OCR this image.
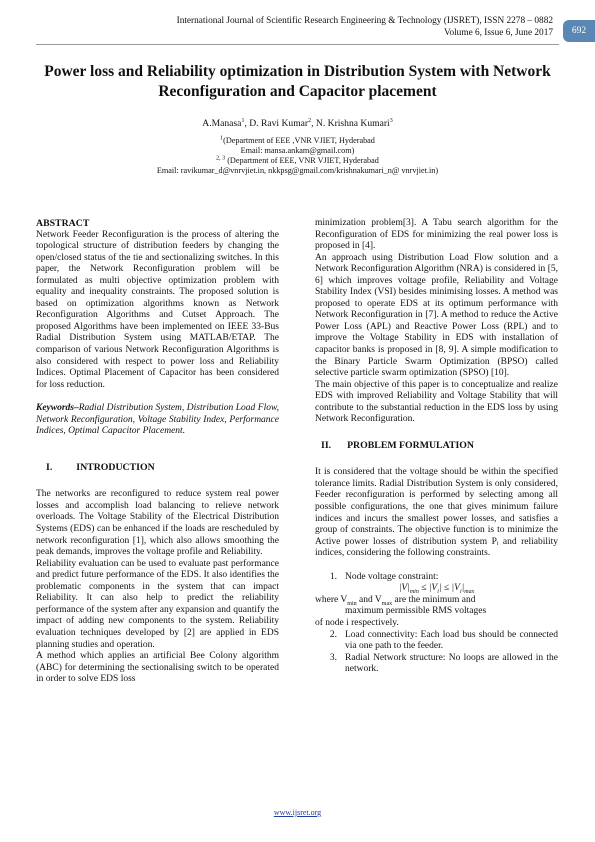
International Journal of Scientific Research Engineering & Technology (IJSRET), ISSN 2278 – 0882
Volume 6, Issue 6, June 2017	692
Power loss and Reliability optimization in Distribution System with Network
Reconfiguration and Capacitor placement
A.Manasa$^1$, D. Ravi Kumar$^2$, N. Krishna Kumari$^3$
$^1$(Department of EEE ,VNR VJIET, Hyderabad
Email: mansa.ankam@gmail.com)
$^{2, 3}$ (Department of EEE, VNR VJIET, Hyderabad
Email: ravikumar_d@vnrvjiet.in, nkkpsg@gmail.com/krishnakumari_n@ vnrvjiet.in)
ABSTRACT

Network Feeder Reconfiguration is the process of altering the topological structure of distribution feeders by changing the open/closed status of the tie and sectionalizing switches. In this paper, the Network Reconfiguration problem will be formulated as multi objective optimization problem with equality and inequality constraints. The proposed solution is based on optimization algorithms known as Network Reconfiguration Algorithms and Cutset Approach. The proposed Algorithms have been implemented on IEEE 33-Bus Radial Distribution System using MATLAB/ETAP. The comparison of various Network Reconfiguration Algorithms is also considered with respect to power loss and Reliability Indices. Optimal Placement of Capacitor has been considered for loss reduction.

Keywords–Radial Distribution System, Distribution Load Flow, Network Reconfiguration, Voltage Stability Index, Performance Indices, Optimal Capacitor Placement.

I. INTRODUCTION

The networks are reconfigured to reduce system real power losses and accomplish load balancing to relieve network overloads. The Voltage Stability of the Electrical Distribution Systems (EDS) can be enhanced if the loads are rescheduled by network reconfiguration [1], which also allows smoothing the peak demands, improves the voltage profile and Reliability.

Reliability evaluation can be used to evaluate past performance and predict future performance of the EDS. It also identifies the problematic components in the system that can impact Reliability. It can also help to predict the reliability performance of the system after any expansion and quantify the impact of adding new components to the system. Reliability evaluation techniques developed by [2] are applied in EDS planning studies and operation.

A method which applies an artificial Bee Colony algorithm (ABC) for determining the sectionalising switch to be operated in order to solve EDS loss

minimization problem[3]. A Tabu search algorithm for the Reconfiguration of EDS for minimizing the real power loss is proposed in [4].

An approach using Distribution Load Flow solution and a Network Reconfiguration Algorithm (NRA) is considered in [5, 6] which improves voltage profile, Reliability and Voltage Stability Index (VSI) besides minimising losses. A method was proposed to operate EDS at its optimum performance with Network Reconfiguration in [7]. A method to reduce the Active Power Loss (APL) and Reactive Power Loss (RPL) and to improve the Voltage Stability in EDS with installation of capacitor banks is proposed in [8, 9]. A simple modification to the Binary Particle Swarm Optimization (BPSO) called selective particle swarm optimization (SPSO) [10].

The main objective of this paper is to conceptualize and realize EDS with improved Reliability and Voltage Stability that will contribute to the substantial reduction in the EDS loss by using Network Reconfiguration.

II. PROBLEM FORMULATION

It is considered that the voltage should be within the specified tolerance limits. Radial Distribution System is only considered, Feeder reconfiguration is performed by selecting among all possible configurations, the one that gives minimum failure indices and incurs the smallest power losses, and satisfies a group of constraints. The objective function is to minimize the Active power losses of distribution system Pᵢ and reliability indices, considering the following constraints.

1. Node voltage constraint:
$|V|_{min} \le |V_i| \le |V_i|_{max}$
where $V_{min}$ and $V_{max}$ are the minimum and
maximum permissible RMS voltages
of node i respectively.
2. Load connectivity: Each load bus should be connected via one path to the feeder.
3. Radial Network structure: No loops are allowed in the network.
www.ijsret.org
